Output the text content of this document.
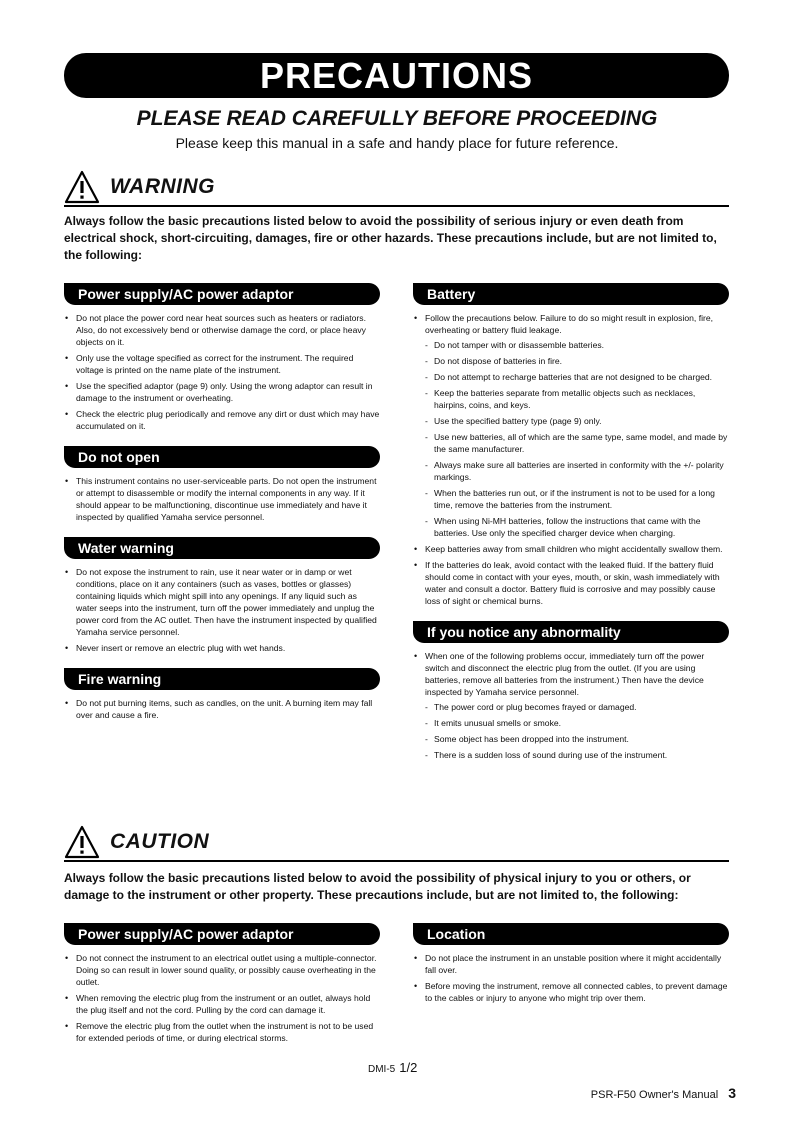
PRECAUTIONS
PLEASE READ CAREFULLY BEFORE PROCEEDING
Please keep this manual in a safe and handy place for future reference.
WARNING
Always follow the basic precautions listed below to avoid the possibility of serious injury or even death from electrical shock, short-circuiting, damages, fire or other hazards. These precautions include, but are not limited to, the following:
Power supply/AC power adaptor
• Do not place the power cord near heat sources such as heaters or radiators. Also, do not excessively bend or otherwise damage the cord, or place heavy objects on it.
• Only use the voltage specified as correct for the instrument. The required voltage is printed on the name plate of the instrument.
• Use the specified adaptor (page 9) only. Using the wrong adaptor can result in damage to the instrument or overheating.
• Check the electric plug periodically and remove any dirt or dust which may have accumulated on it.
Do not open
• This instrument contains no user-serviceable parts. Do not open the instrument or attempt to disassemble or modify the internal components in any way. If it should appear to be malfunctioning, discontinue use immediately and have it inspected by qualified Yamaha service personnel.
Water warning
• Do not expose the instrument to rain, use it near water or in damp or wet conditions, place on it any containers (such as vases, bottles or glasses) containing liquids which might spill into any openings. If any liquid such as water seeps into the instrument, turn off the power immediately and unplug the power cord from the AC outlet. Then have the instrument inspected by qualified Yamaha service personnel.
• Never insert or remove an electric plug with wet hands.
Fire warning
• Do not put burning items, such as candles, on the unit. A burning item may fall over and cause a fire.
Battery
• Follow the precautions below. Failure to do so might result in explosion, fire, overheating or battery fluid leakage.
- Do not tamper with or disassemble batteries.
- Do not dispose of batteries in fire.
- Do not attempt to recharge batteries that are not designed to be charged.
- Keep the batteries separate from metallic objects such as necklaces, hairpins, coins, and keys.
- Use the specified battery type (page 9) only.
- Use new batteries, all of which are the same type, same model, and made by the same manufacturer.
- Always make sure all batteries are inserted in conformity with the +/- polarity markings.
- When the batteries run out, or if the instrument is not to be used for a long time, remove the batteries from the instrument.
- When using Ni-MH batteries, follow the instructions that came with the batteries. Use only the specified charger device when charging.
• Keep batteries away from small children who might accidentally swallow them.
• If the batteries do leak, avoid contact with the leaked fluid. If the battery fluid should come in contact with your eyes, mouth, or skin, wash immediately with water and consult a doctor. Battery fluid is corrosive and may possibly cause loss of sight or chemical burns.
If you notice any abnormality
• When one of the following problems occur, immediately turn off the power switch and disconnect the electric plug from the outlet. (If you are using batteries, remove all batteries from the instrument.) Then have the device inspected by Yamaha service personnel.
- The power cord or plug becomes frayed or damaged.
- It emits unusual smells or smoke.
- Some object has been dropped into the instrument.
- There is a sudden loss of sound during use of the instrument.
CAUTION
Always follow the basic precautions listed below to avoid the possibility of physical injury to you or others, or damage to the instrument or other property. These precautions include, but are not limited to, the following:
Power supply/AC power adaptor
• Do not connect the instrument to an electrical outlet using a multiple-connector. Doing so can result in lower sound quality, or possibly cause overheating in the outlet.
• When removing the electric plug from the instrument or an outlet, always hold the plug itself and not the cord. Pulling by the cord can damage it.
• Remove the electric plug from the outlet when the instrument is not to be used for extended periods of time, or during electrical storms.
Location
• Do not place the instrument in an unstable position where it might accidentally fall over.
• Before moving the instrument, remove all connected cables, to prevent damage to the cables or injury to anyone who might trip over them.
DMI-5 1/2
PSR-F50 Owner's Manual 3
